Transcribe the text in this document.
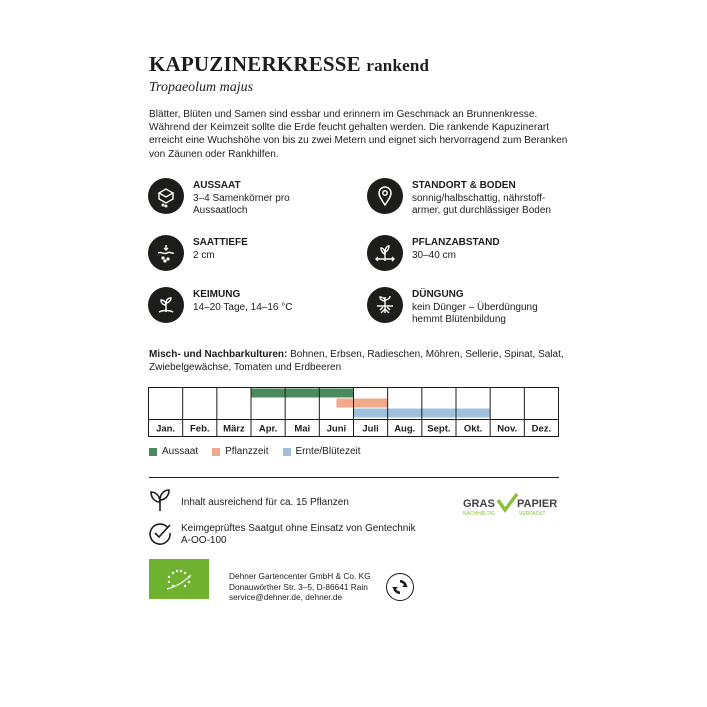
KAPUZINERKRESSE rankend
Tropaeolum majus
Blätter, Blüten und Samen sind essbar und erinnern im Geschmack an Brunnenkresse. Während der Keimzeit sollte die Erde feucht gehalten werden. Die rankende Kapuzinerart erreicht eine Wuchshöhe von bis zu zwei Metern und eignet sich hervorragend zum Beranken von Zäunen oder Rankhilfen.
AUSSAAT
3–4 Samenkörner pro
Aussaatloch
STANDORT & BODEN
sonnig/halbschattig, nährstoff-
armer, gut durchlässiger Boden
SAATTIEFE
2 cm
PFLANZABSTAND
30–40 cm
KEIMUNG
14–20 Tage, 14–16 °C
DÜNGUNG
kein Dünger – Überdüngung
hemmt Blütenbildung
Misch- und Nachbarkulturen: Bohnen, Erbsen, Radieschen, Möhren, Sellerie, Spinat, Salat, Zwiebelgewächse, Tomaten und Erdbeeren
Jan. Feb. März Apr. Mai Juni Juli Aug. Sept. Okt. Nov. Dez.
Aussaat	Pflanzzeit	Ernte/Blütezeit
Inhalt ausreichend für ca. 15 Pflanzen
Keimgeprüftes Saatgut ohne Einsatz von Gentechnik
A-OO-100
Dehner Gartencenter GmbH & Co. KG
Donauwörther Str. 3–5, D-86641 Rain
service@dehner.de, dehner.de
GRAS PAPIER
NACHHALTIG	VERPACKT
